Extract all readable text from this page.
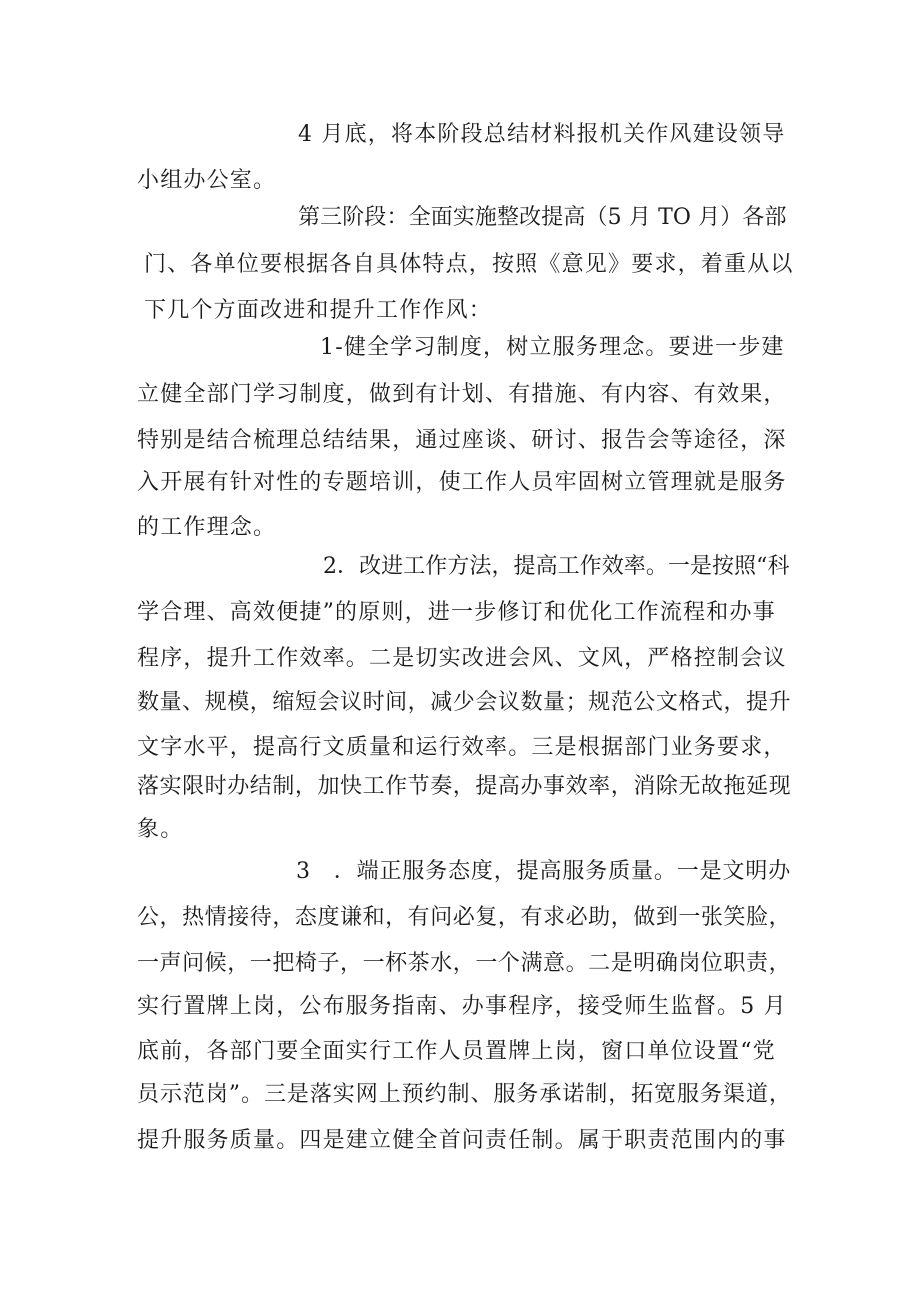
4 月底，将本阶段总结材料报机关作风建设领导
小组办公室。
第三阶段：全面实施整改提高（5 月 TO 月）各部
门、各单位要根据各自具体特点，按照《意见》要求，着重从以
下几个方面改进和提升工作作风：
1-健全学习制度，树立服务理念。要进一步建
立健全部门学习制度，做到有计划、有措施、有内容、有效果，
特别是结合梳理总结结果，通过座谈、研讨、报告会等途径，深
入开展有针对性的专题培训，使工作人员牢固树立管理就是服务
的工作理念。
2．改进工作方法，提高工作效率。一是按照“科
学合理、高效便捷”的原则，进一步修订和优化工作流程和办事
程序，提升工作效率。二是切实改进会风、文风，严格控制会议
数量、规模，缩短会议时间，减少会议数量；规范公文格式，提升
文字水平，提高行文质量和运行效率。三是根据部门业务要求，
落实限时办结制，加快工作节奏，提高办事效率，消除无故拖延现
象。
3　．端正服务态度，提高服务质量。一是文明办
公，热情接待，态度谦和，有问必复，有求必助，做到一张笑脸，
一声问候，一把椅子，一杯茶水，一个满意。二是明确岗位职责，
实行置牌上岗，公布服务指南、办事程序，接受师生监督。5 月
底前，各部门要全面实行工作人员置牌上岗，窗口单位设置“党
员示范岗”。三是落实网上预约制、服务承诺制，拓宽服务渠道，
提升服务质量。四是建立健全首问责任制。属于职责范围内的事
